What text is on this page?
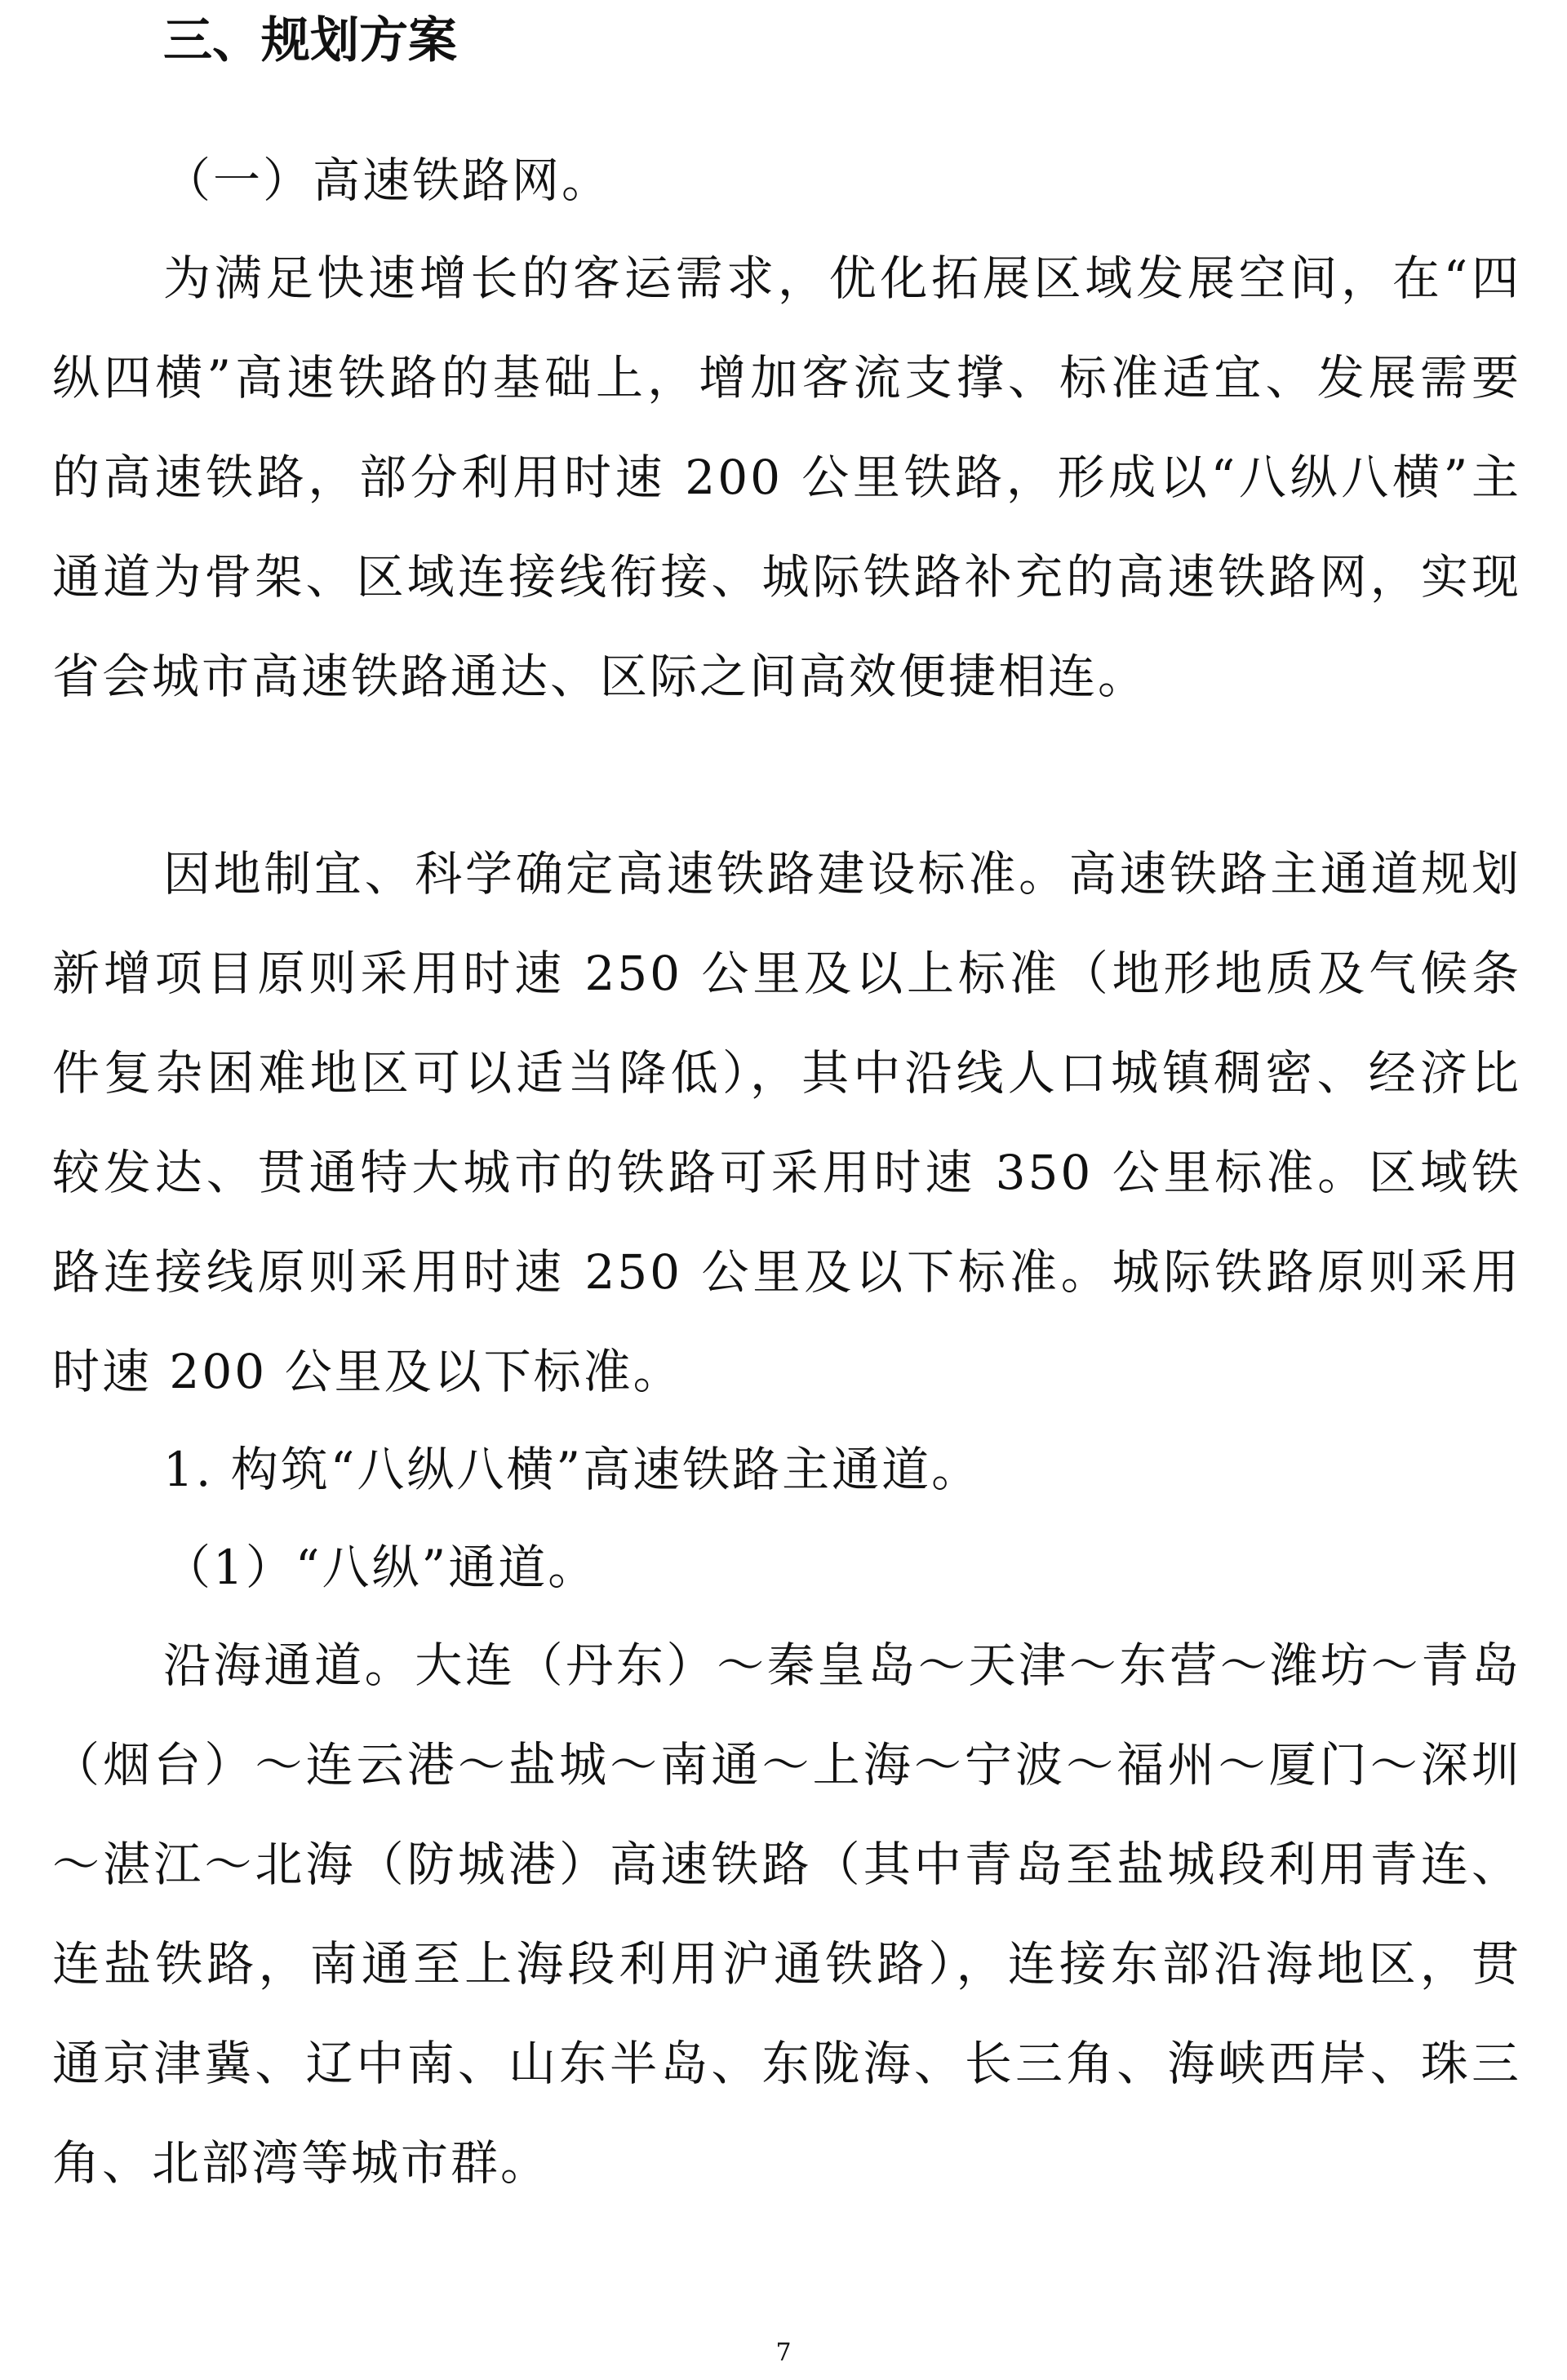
三、规划方案

（一）高速铁路网。

为满足快速增长的客运需求，优化拓展区域发展空间，在“四纵四横”高速铁路的基础上，增加客流支撑、标准适宜、发展需要的高速铁路，部分利用时速 200 公里铁路，形成以“八纵八横”主通道为骨架、区域连接线衔接、城际铁路补充的高速铁路网，实现省会城市高速铁路通达、区际之间高效便捷相连。

因地制宜、科学确定高速铁路建设标准。高速铁路主通道规划新增项目原则采用时速 250 公里及以上标准（地形地质及气候条件复杂困难地区可以适当降低），其中沿线人口城镇稠密、经济比较发达、贯通特大城市的铁路可采用时速 350 公里标准。区域铁路连接线原则采用时速 250 公里及以下标准。城际铁路原则采用时速 200 公里及以下标准。

1. 构筑“八纵八横”高速铁路主通道。

（1）“八纵”通道。

沿海通道。大连（丹东）～秦皇岛～天津～东营～潍坊～青岛（烟台）～连云港～盐城～南通～上海～宁波～福州～厦门～深圳～湛江～北海（防城港）高速铁路（其中青岛至盐城段利用青连、连盐铁路，南通至上海段利用沪通铁路），连接东部沿海地区，贯通京津冀、辽中南、山东半岛、东陇海、长三角、海峡西岸、珠三角、北部湾等城市群。

7
